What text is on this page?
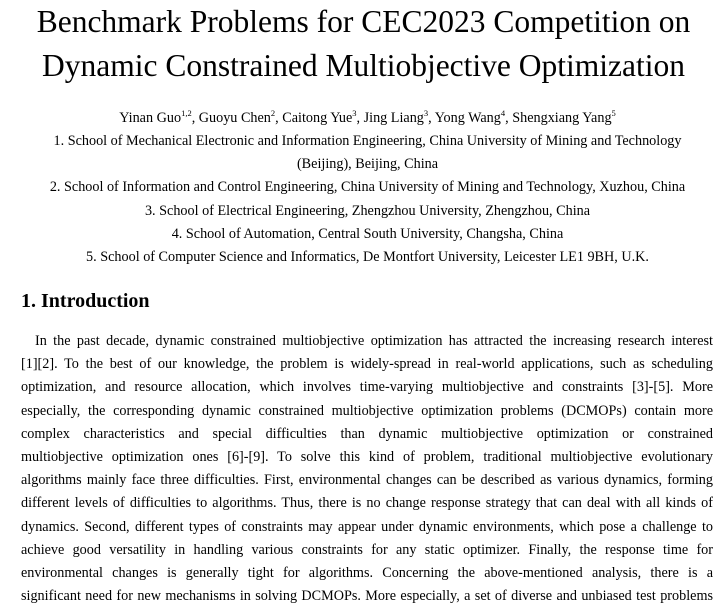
Benchmark Problems for CEC2023 Competition on
Dynamic Constrained Multiobjective Optimization
Yinan Guo$^{1,2}$, Guoyu Chen$^2$, Caitong Yue$^3$, Jing Liang$^3$, Yong Wang$^4$, Shengxiang Yang$^5$
1. School of Mechanical Electronic and Information Engineering, China University of Mining and Technology
(Beijing), Beijing, China
2. School of Information and Control Engineering, China University of Mining and Technology, Xuzhou, China
3. School of Electrical Engineering, Zhengzhou University, Zhengzhou, China
4. School of Automation, Central South University, Changsha, China
5. School of Computer Science and Informatics, De Montfort University, Leicester LE1 9BH, U.K.
1. Introduction
In the past decade, dynamic constrained multiobjective optimization has attracted the increasing research interest
[1][2]. To the best of our knowledge, the problem is widely-spread in real-world applications, such as scheduling
optimization, and resource allocation, which involves time-varying multiobjective and constraints [3]-[5]. More
especially, the corresponding dynamic constrained multiobjective optimization problems (DCMOPs) contain more
complex characteristics and special difficulties than dynamic multiobjective optimization or constrained
multiobjective optimization ones [6]-[9]. To solve this kind of problem, traditional multiobjective evolutionary
algorithms mainly face three difficulties. First, environmental changes can be described as various dynamics, forming
different levels of difficulties to algorithms. Thus, there is no change response strategy that can deal with all kinds of
dynamics. Second, different types of constraints may appear under dynamic environments, which pose a challenge to
achieve good versatility in handling various constraints for any static optimizer. Finally, the response time for
environmental changes is generally tight for algorithms. Concerning the above-mentioned analysis, there is a
significant need for new mechanisms in solving DCMOPs. More especially, a set of diverse and unbiased test problems
